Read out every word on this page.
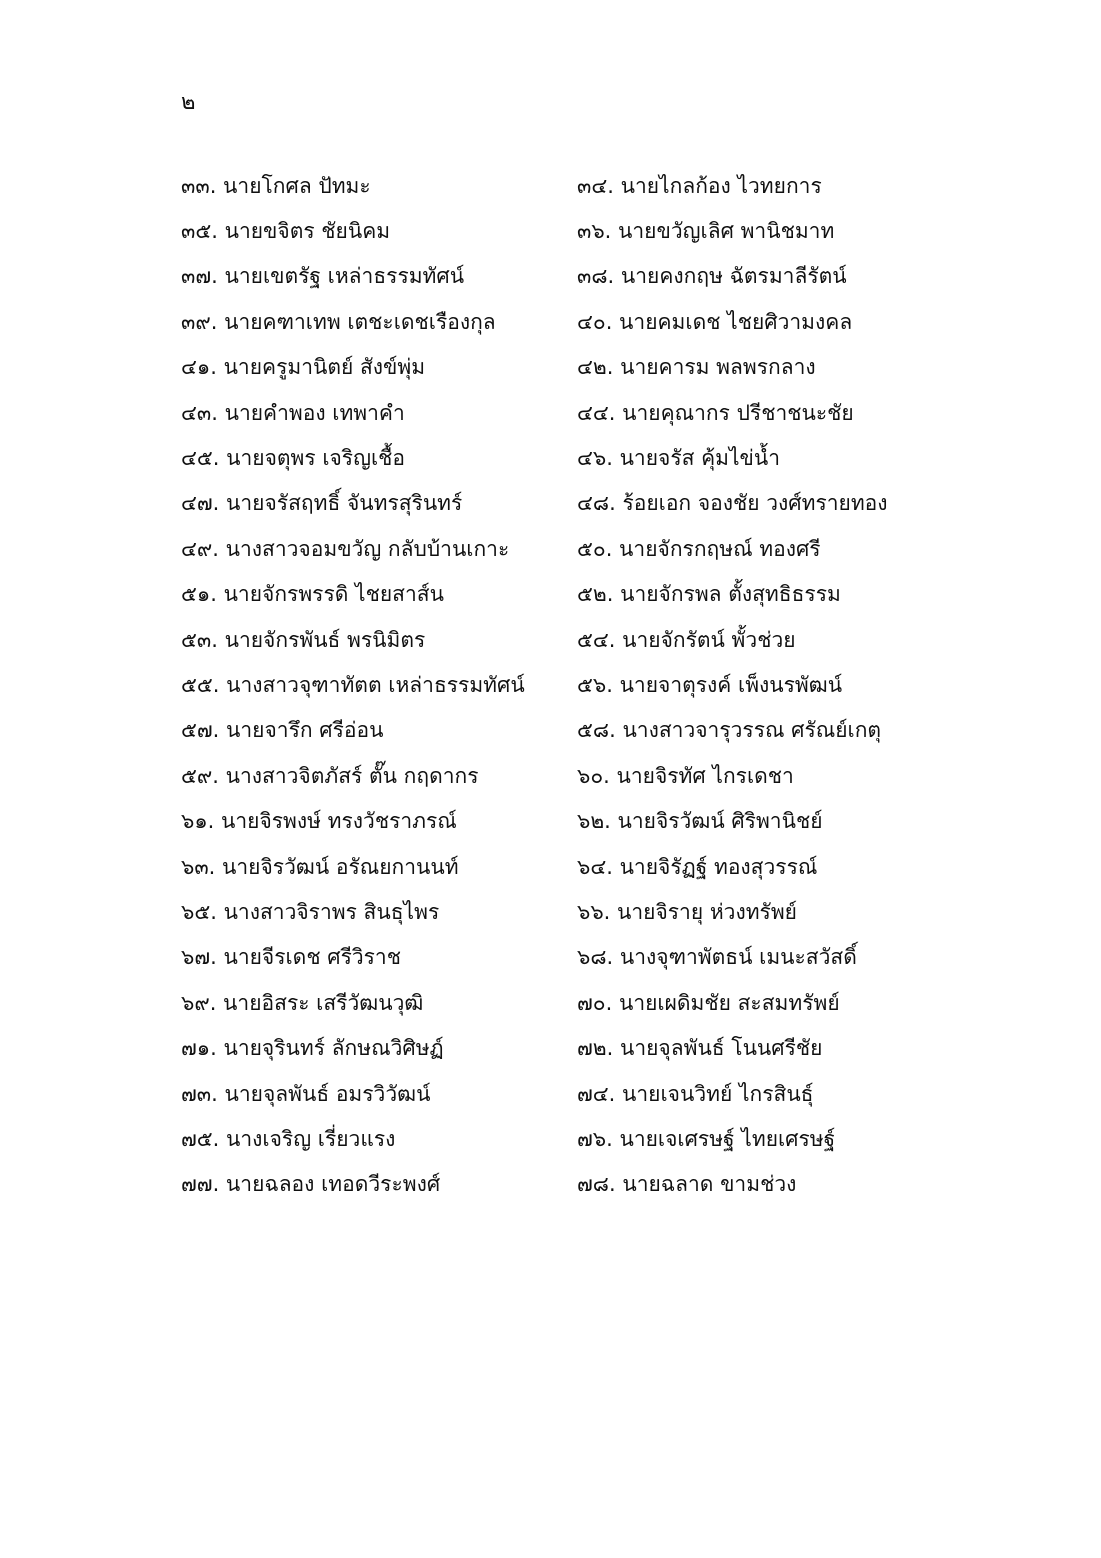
๒
๓๓. นายโกศล ปัทมะ	๓๔. นายไกลก้อง ไวทยการ
๓๕. นายขจิตร ชัยนิคม	๓๖. นายขวัญเลิศ พานิชมาท
๓๗. นายเขตรัฐ เหล่าธรรมทัศน์	๓๘. นายคงกฤษ ฉัตรมาลีรัตน์
๓๙. นายคฑาเทพ เตชะเดชเรืองกุล	๔๐. นายคมเดช ไชยศิวามงคล
๔๑. นายครูมานิตย์ สังข์พุ่ม	๔๒. นายคารม พลพรกลาง
๔๓. นายคำพอง เทพาคำ	๔๔. นายคุณากร ปรีชาชนะชัย
๔๕. นายจตุพร เจริญเชื้อ	๔๖. นายจรัส คุ้มไข่น้ำ
๔๗. นายจรัสฤทธิ์ จันทรสุรินทร์	๔๘. ร้อยเอก จองชัย วงศ์ทรายทอง
๔๙. นางสาวจอมขวัญ กลับบ้านเกาะ	๕๐. นายจักรกฤษณ์ ทองศรี
๕๑. นายจักรพรรดิ ไชยสาส์น	๕๒. นายจักรพล ตั้งสุทธิธรรม
๕๓. นายจักรพันธ์ พรนิมิตร	๕๔. นายจักรัตน์ พั้วช่วย
๕๕. นางสาวจุฑาทัตต เหล่าธรรมทัศน์	๕๖. นายจาตุรงค์ เพ็งนรพัฒน์
๕๗. นายจารึก ศรีอ่อน	๕๘. นางสาวจารุวรรณ ศรัณย์เกตุ
๕๙. นางสาวจิตภัสร์ ตั๊น กฤดากร	๖๐. นายจิรทัศ ไกรเดชา
๖๑. นายจิรพงษ์ ทรงวัชราภรณ์	๖๒. นายจิรวัฒน์ ศิริพานิชย์
๖๓. นายจิรวัฒน์ อรัณยกานนท์	๖๔. นายจิรัฏฐ์ ทองสุวรรณ์
๖๕. นางสาวจิราพร สินธุไพร	๖๖. นายจิรายุ ห่วงทรัพย์
๖๗. นายจีรเดช ศรีวิราช	๖๘. นางจุฑาพัตธน์ เมนะสวัสดิ์
๖๙. นายอิสระ เสรีวัฒนวุฒิ	๗๐. นายเผดิมชัย สะสมทรัพย์
๗๑. นายจุรินทร์ ลักษณวิศิษฏ์	๗๒. นายจุลพันธ์ โนนศรีชัย
๗๓. นายจุลพันธ์ อมรวิวัฒน์	๗๔. นายเจนวิทย์ ไกรสินธุ์
๗๕. นางเจริญ เรี่ยวแรง	๗๖. นายเจเศรษฐ์ ไทยเศรษฐ์
๗๗. นายฉลอง เทอดวีระพงศ์	๗๘. นายฉลาด ขามช่วง
